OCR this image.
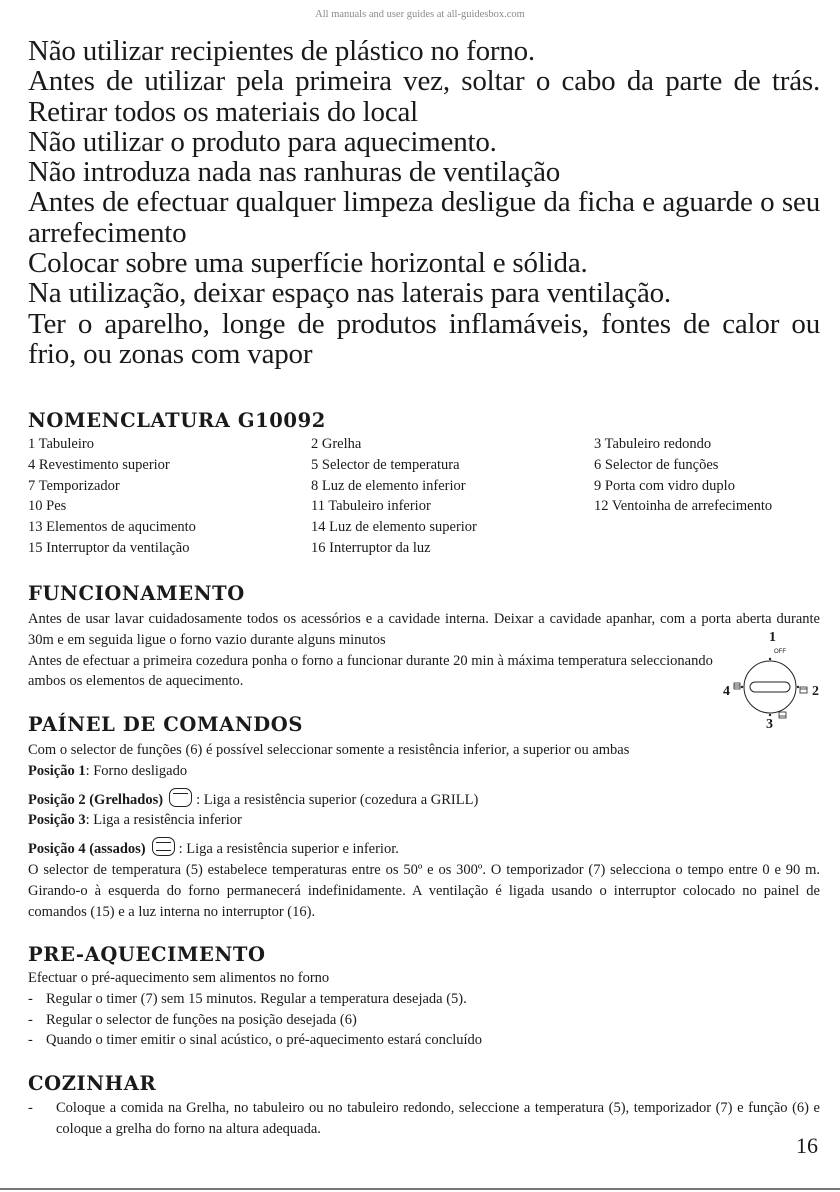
All manuals and user guides at all-guidesbox.com

Não utilizar recipientes de plástico no forno.

Antes de utilizar pela primeira vez, soltar o cabo da parte de trás. Retirar todos os materiais do local

Não utilizar o produto para aquecimento.

Não introduza nada nas ranhuras de ventilação

Antes de efectuar qualquer limpeza desligue da ficha e aguarde o seu arrefecimento

Colocar sobre uma superfície horizontal e sólida.

Na utilização, deixar espaço nas laterais para ventilação.

Ter o aparelho, longe de produtos inflamáveis, fontes de calor ou frio, ou zonas com vapor

NOMENCLATURA G10092
1 Tabuleiro	2 Grelha	3 Tabuleiro redondo
4 Revestimento superior	5 Selector de temperatura	6 Selector de funções
7 Temporizador	8 Luz de elemento inferior	9 Porta com vidro duplo
10 Pes	11 Tabuleiro inferior	12 Ventoinha de arrefecimento
13 Elementos de aqucimento	14 Luz de elemento superior
15 Interruptor da ventilação	16 Interruptor da luz
FUNCIONAMENTO

Antes de usar lavar cuidadosamente todos os acessórios e a cavidade interna. Deixar a cavidade apanhar, com a porta aberta durante 30m e em seguida ligue o forno vazio durante alguns minutos

Antes de efectuar a primeira cozedura ponha o forno a funcionar durante 20 min à máxima temperatura seleccionando ambos os elementos de aquecimento.

1
OFF
4	2
3
PAÍNEL DE COMANDOS

Com o selector de funções (6) é possível seleccionar somente a resistência inferior, a superior ou ambas

Posição 1: Forno desligado

Posição 2 (Grelhados) : Liga a resistência superior (cozedura a GRILL)

Posição 3: Liga a resistência inferior

Posição 4 (assados) : Liga a resistência superior e inferior.

O selector de temperatura (5) estabelece temperaturas entre os 50º e os 300º. O temporizador (7) selecciona o tempo entre 0 e 90 m. Girando-o à esquerda do forno permanecerá indefinidamente. A ventilação é ligada usando o interruptor colocado no painel de comandos (15) e a luz interna no interruptor (16).

PRE-AQUECIMENTO

Efectuar o pré-aquecimento sem alimentos no forno

- Regular o timer (7) sem 15 minutos. Regular a temperatura desejada (5).
- Regular o selector de funções na posição desejada (6)
- Quando o timer emitir o sinal acústico, o pré-aquecimento estará concluído
COZINHAR
-	Coloque a comida na Grelha, no tabuleiro ou no tabuleiro redondo, seleccione a temperatura (5), temporizador (7) e função (6) e coloque a grelha do forno na altura adequada.
16
